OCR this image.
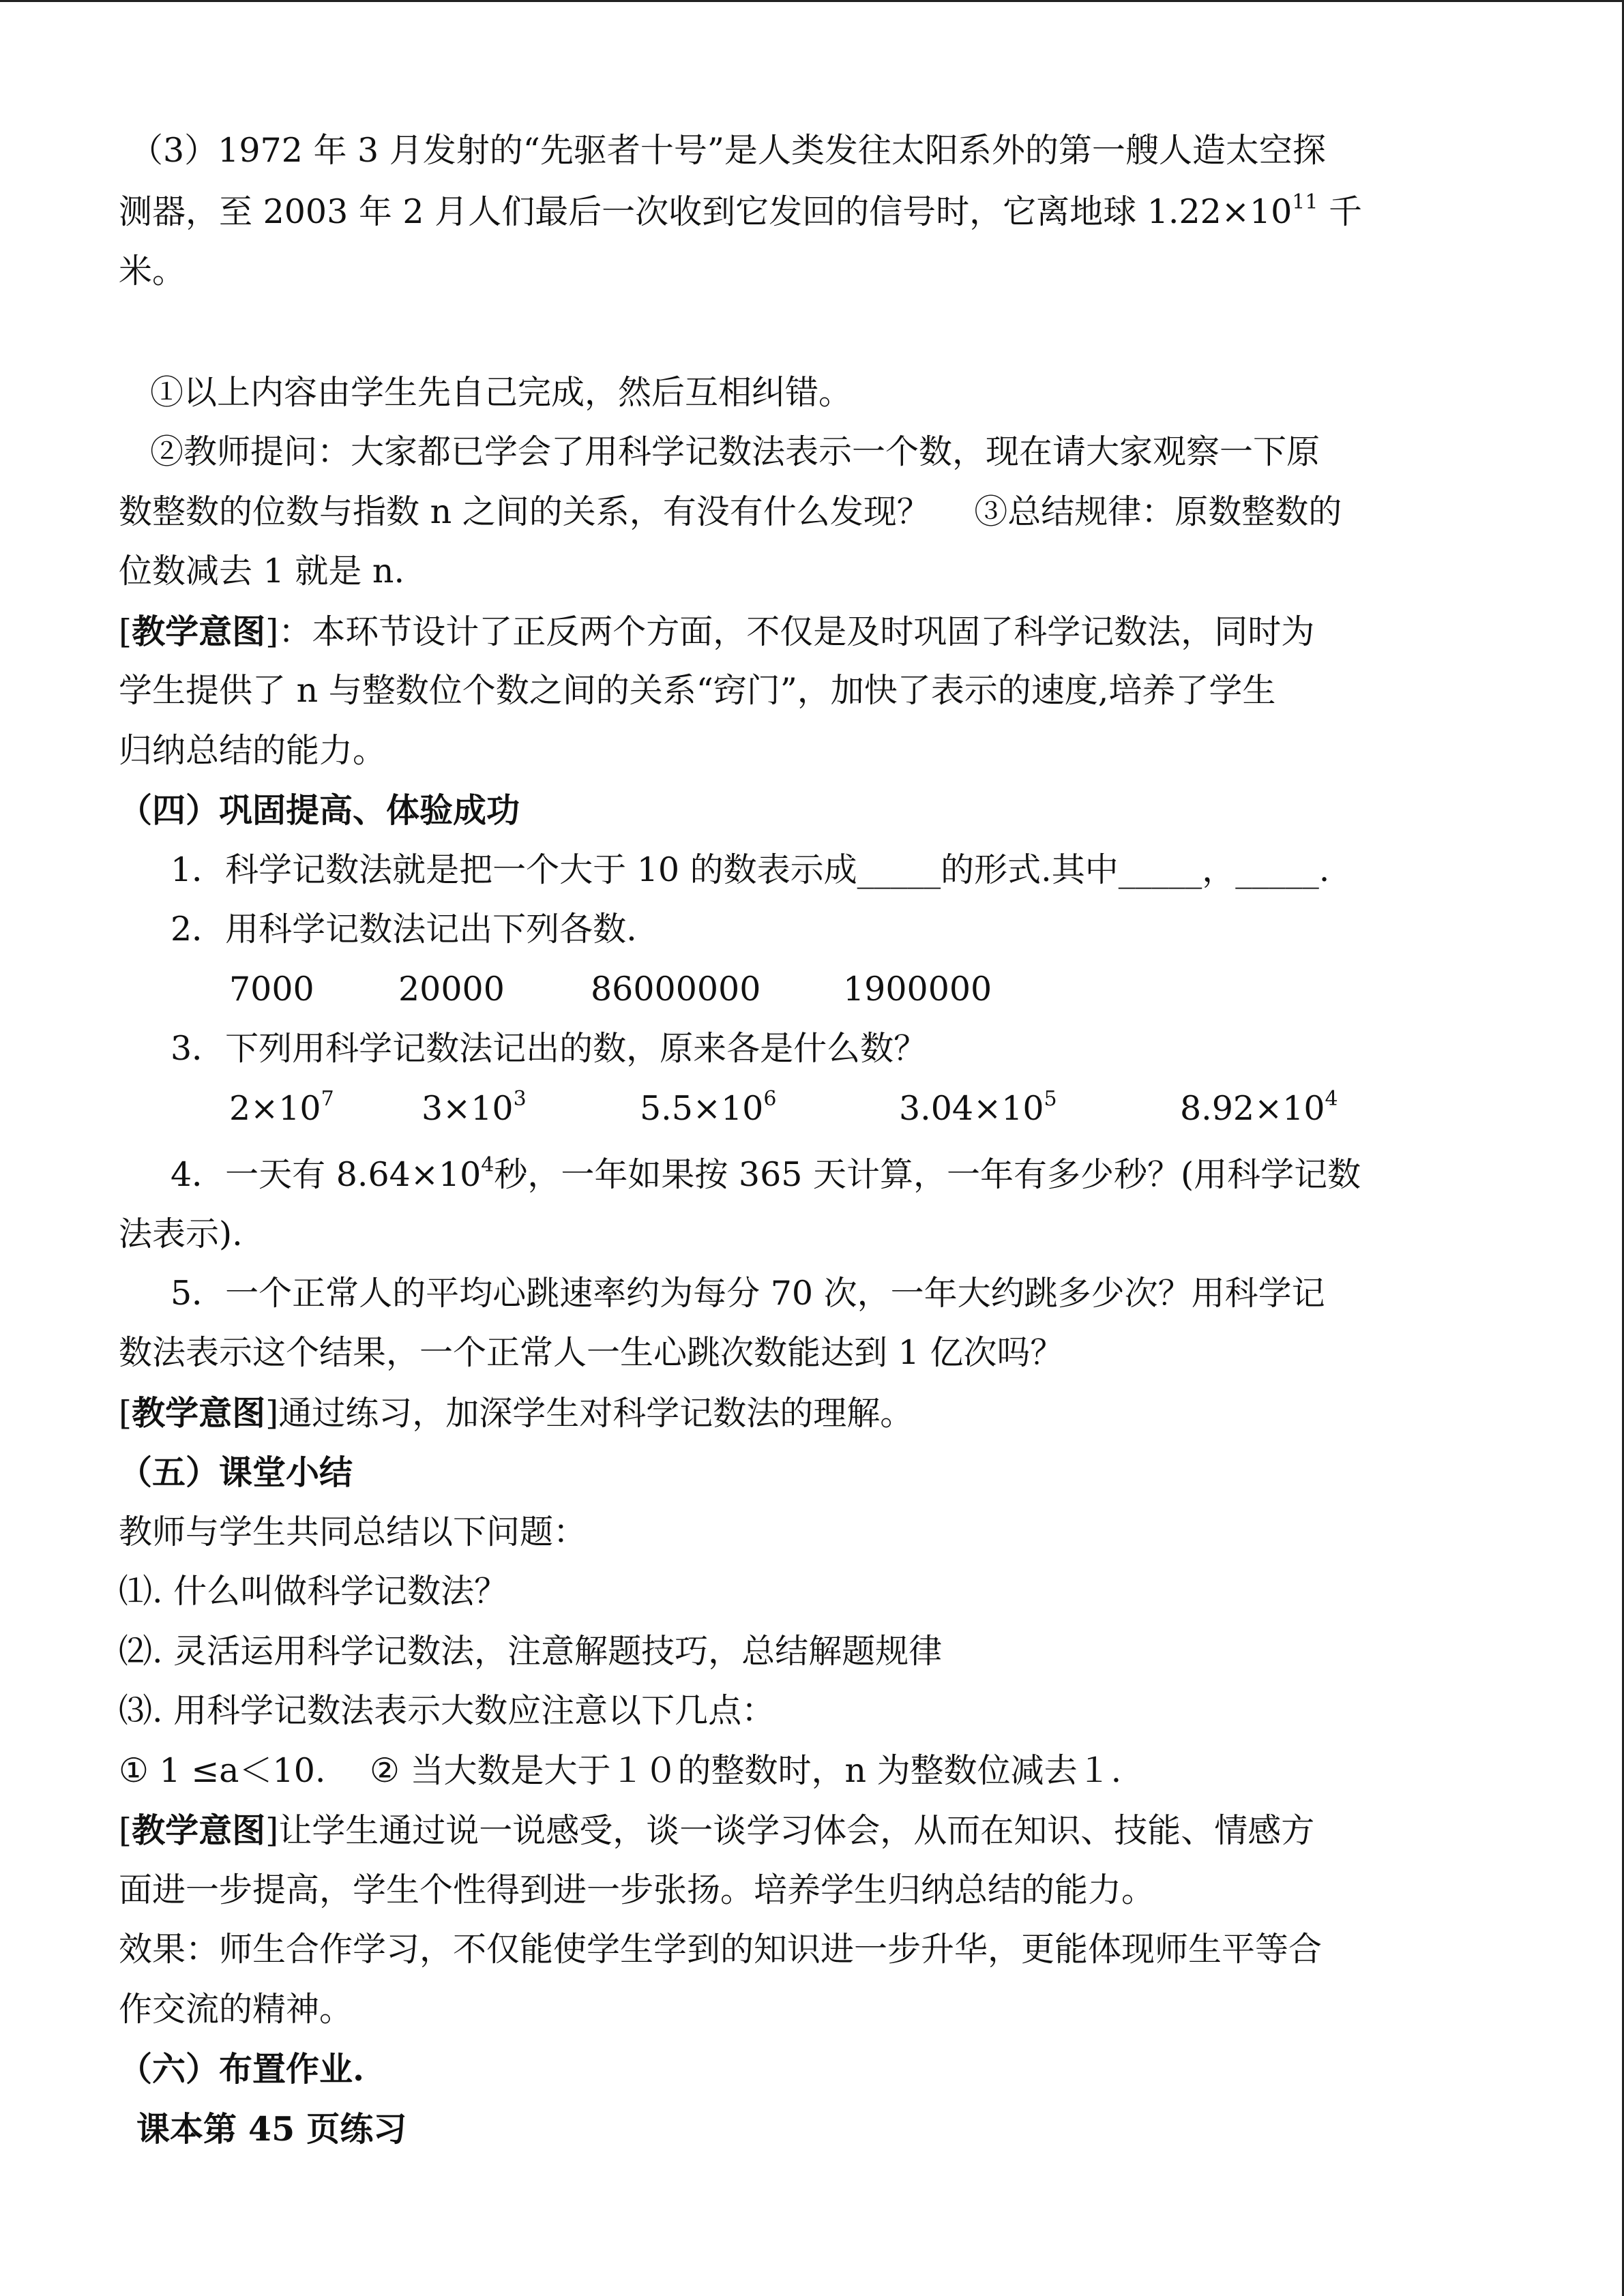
（3）1972 年 3 月发射的“先驱者十号”是人类发往太阳系外的第一艘人造太空探
测器，至 2003 年 2 月人们最后一次收到它发回的信号时，它离地球 $1.22\times 10^{11}$ 千
米。
①以上内容由学生先自己完成，然后互相纠错。
②教师提问：大家都已学会了用科学记数法表示一个数，现在请大家观察一下原
数整数的位数与指数 n 之间的关系，有没有什么发现？　 ③总结规律：原数整数的
位数减去 1 就是 n.
[教学意图]：本环节设计了正反两个方面，不仅是及时巩固了科学记数法，同时为
学生提供了 n 与整数位个数之间的关系“窍门”，加快了表示的速度,培养了学生
归纳总结的能力。
（四）巩固提高、体验成功
1．科学记数法就是把一个大于 10 的数表示成_____的形式.其中_____，_____.
2．用科学记数法记出下列各数.
7000	20000	86000000 1900000
3．下列用科学记数法记出的数，原来各是什么数？
$2\times 10^7$	$3\times 10^3$	$5.5\times 10^6$	$3.04\times 10^5$	$8.92\times 10^4$
4．一天有 $8.64\times 10^4$秒，一年如果按 365 天计算，一年有多少秒？(用科学记数
法表示).
5．一个正常人的平均心跳速率约为每分 70 次，一年大约跳多少次？用科学记
数法表示这个结果，一个正常人一生心跳次数能达到 1 亿次吗？
[教学意图]通过练习，加深学生对科学记数法的理解。
（五）课堂小结
教师与学生共同总结以下问题：
⑴. 什么叫做科学记数法？
⑵. 灵活运用科学记数法，注意解题技巧，总结解题规律
⑶. 用科学记数法表示大数应注意以下几点：
① 1 ≤a＜10.　 ② 当大数是大于１０的整数时，n 为整数位减去１.
[教学意图]让学生通过说一说感受，谈一谈学习体会，从而在知识、技能、情感方
面进一步提高，学生个性得到进一步张扬。培养学生归纳总结的能力。
效果：师生合作学习，不仅能使学生学到的知识进一步升华，更能体现师生平等合
作交流的精神。
（六）布置作业.
课本第 45 页练习
